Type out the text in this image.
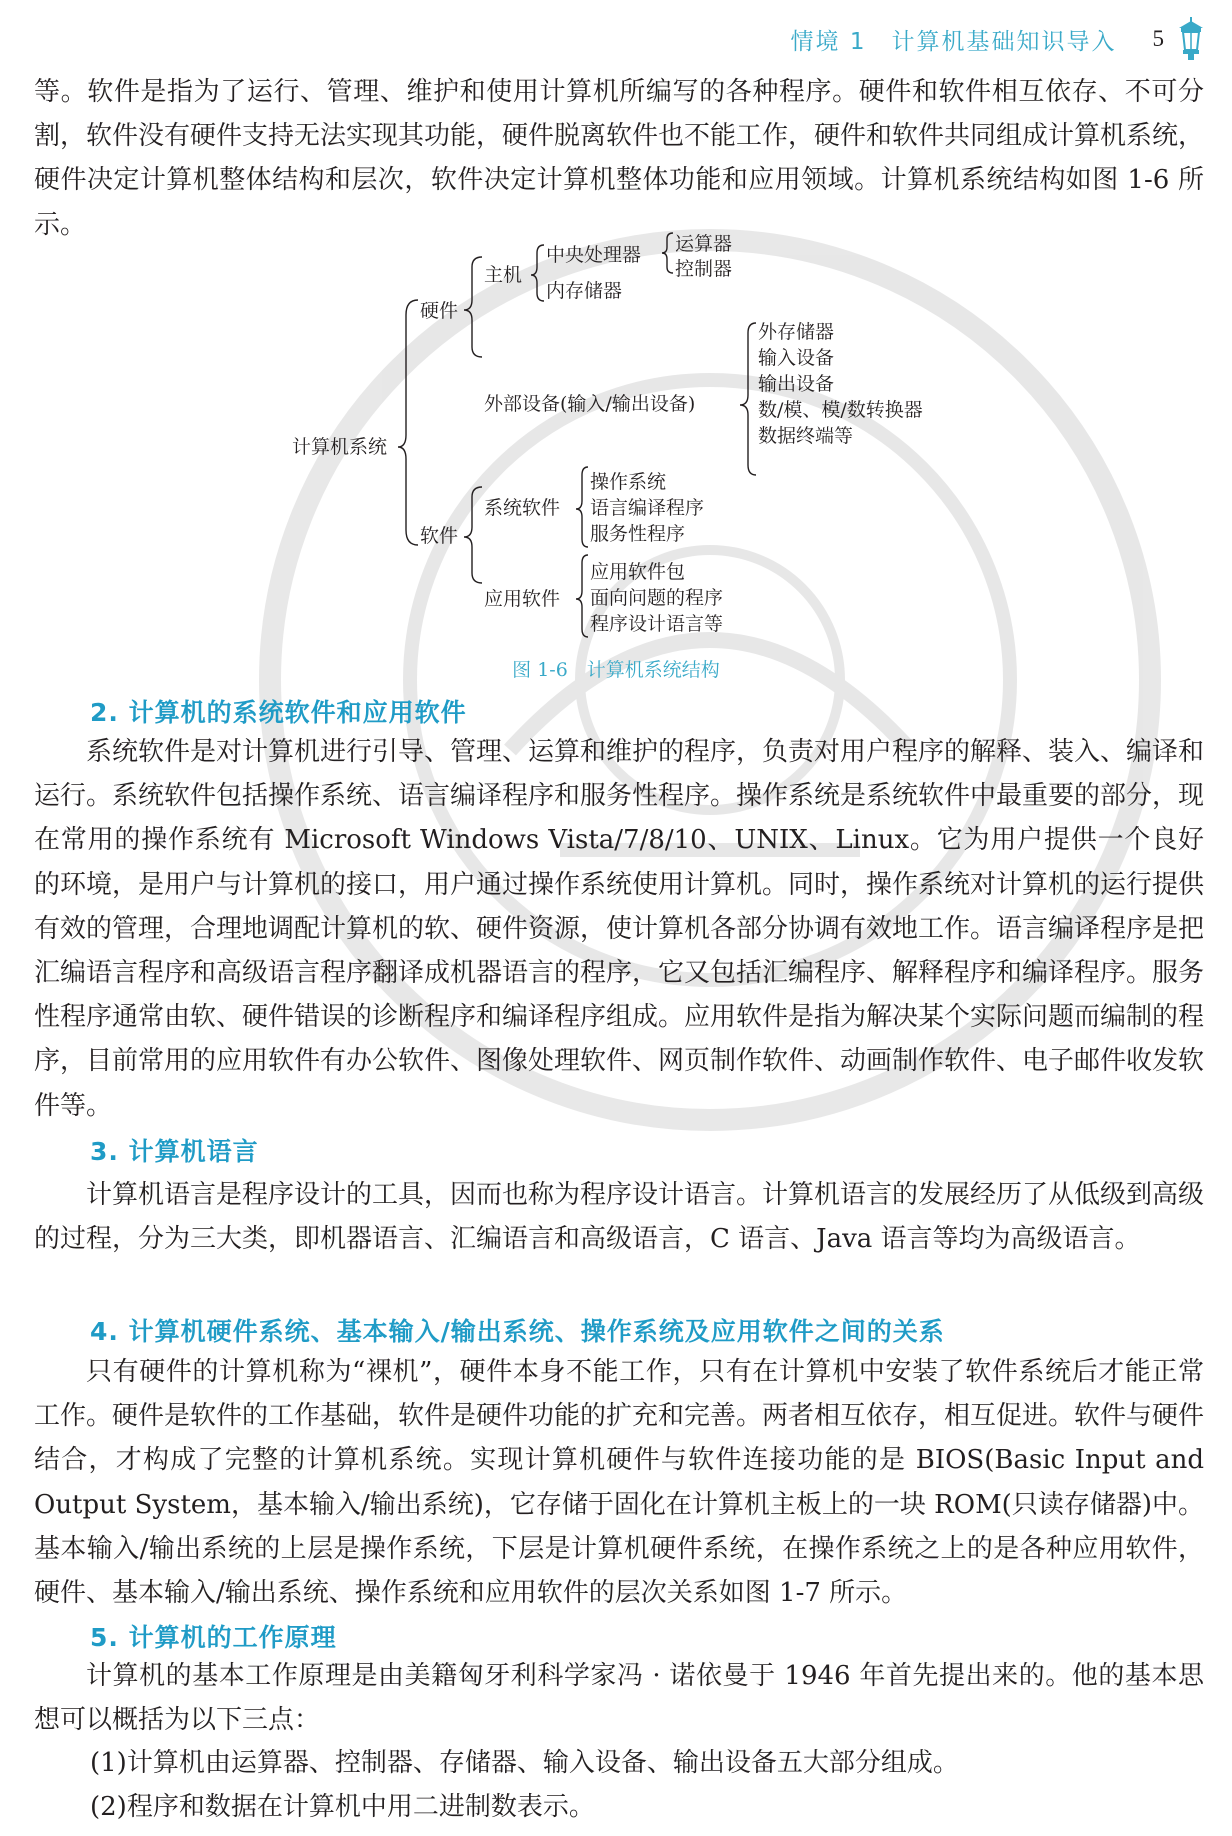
情境 1　计算机基础知识导入 5

等。软件是指为了运行、管理、维护和使用计算机所编写的各种程序。硬件和软件相互依存、不可分割，软件没有硬件支持无法实现其功能，硬件脱离软件也不能工作，硬件和软件共同组成计算机系统，硬件决定计算机整体结构和层次，软件决定计算机整体功能和应用领域。计算机系统结构如图 1-6 所示。

计算机系统
硬件
主机
中央处理器 运算器
控制器
内存储器
外部设备(输入/输出设备)
外存储器
输入设备
输出设备
数/模、模/数转换器
数据终端等
软件
系统软件
操作系统
语言编译程序
服务性程序
应用软件
应用软件包
面向问题的程序
程序设计语言等
图 1-6　计算机系统结构

2. 计算机的系统软件和应用软件

系统软件是对计算机进行引导、管理、运算和维护的程序，负责对用户程序的解释、装入、编译和运行。系统软件包括操作系统、语言编译程序和服务性程序。操作系统是系统软件中最重要的部分，现在常用的操作系统有 Microsoft Windows Vista/7/8/10、UNIX、Linux。它为用户提供一个良好的环境，是用户与计算机的接口，用户通过操作系统使用计算机。同时，操作系统对计算机的运行提供有效的管理，合理地调配计算机的软、硬件资源，使计算机各部分协调有效地工作。语言编译程序是把汇编语言程序和高级语言程序翻译成机器语言的程序，它又包括汇编程序、解释程序和编译程序。服务性程序通常由软、硬件错误的诊断程序和编译程序组成。应用软件是指为解决某个实际问题而编制的程序，目前常用的应用软件有办公软件、图像处理软件、网页制作软件、动画制作软件、电子邮件收发软件等。

3. 计算机语言

计算机语言是程序设计的工具，因而也称为程序设计语言。计算机语言的发展经历了从低级到高级的过程，分为三大类，即机器语言、汇编语言和高级语言，C 语言、Java 语言等均为高级语言。

4. 计算机硬件系统、基本输入/输出系统、操作系统及应用软件之间的关系

只有硬件的计算机称为“裸机”，硬件本身不能工作，只有在计算机中安装了软件系统后才能正常工作。硬件是软件的工作基础，软件是硬件功能的扩充和完善。两者相互依存，相互促进。软件与硬件结合，才构成了完整的计算机系统。实现计算机硬件与软件连接功能的是 BIOS(Basic Input and Output System，基本输入/输出系统)，它存储于固化在计算机主板上的一块 ROM(只读存储器)中。基本输入/输出系统的上层是操作系统，下层是计算机硬件系统，在操作系统之上的是各种应用软件，硬件、基本输入/输出系统、操作系统和应用软件的层次关系如图 1-7 所示。

5. 计算机的工作原理

计算机的基本工作原理是由美籍匈牙利科学家冯 · 诺依曼于 1946 年首先提出来的。他的基本思想可以概括为以下三点：

(1)计算机由运算器、控制器、存储器、输入设备、输出设备五大部分组成。

(2)程序和数据在计算机中用二进制数表示。
